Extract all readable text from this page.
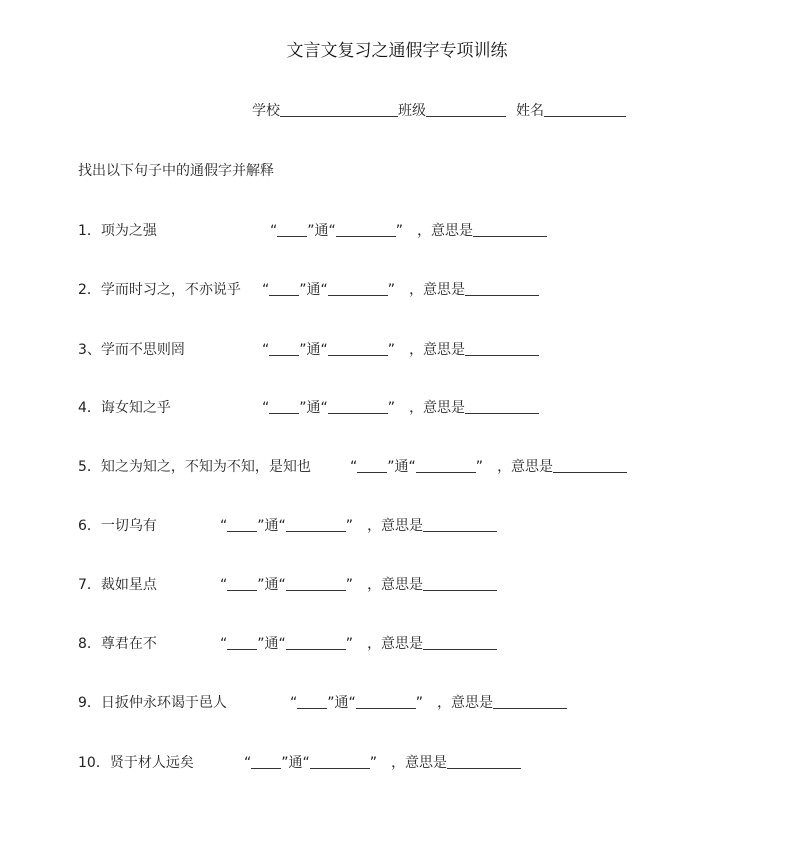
文言文复习之通假字专项训练
学校	班级	姓名
找出以下句子中的通假字并解释
1．项为之强	“ ”通“	” ，意思是
2．学而时习之，不亦说乎 “ ”通“	” ，意思是
3、学而不思则罔	“ ”通“	” ，意思是
4．诲女知之乎	“ ”通“	” ，意思是
5．知之为知之，不知为不知，是知也	“ ”通“	” ，意思是
6．一切乌有	“ ”通“	” ，意思是
7．裁如星点	“ ”通“	” ，意思是
8．尊君在不	“ ”通“	” ，意思是
9．日扳仲永环谒于邑人	“ ”通“	” ，意思是
10．贤于材人远矣	“ ”通“	” ，意思是
